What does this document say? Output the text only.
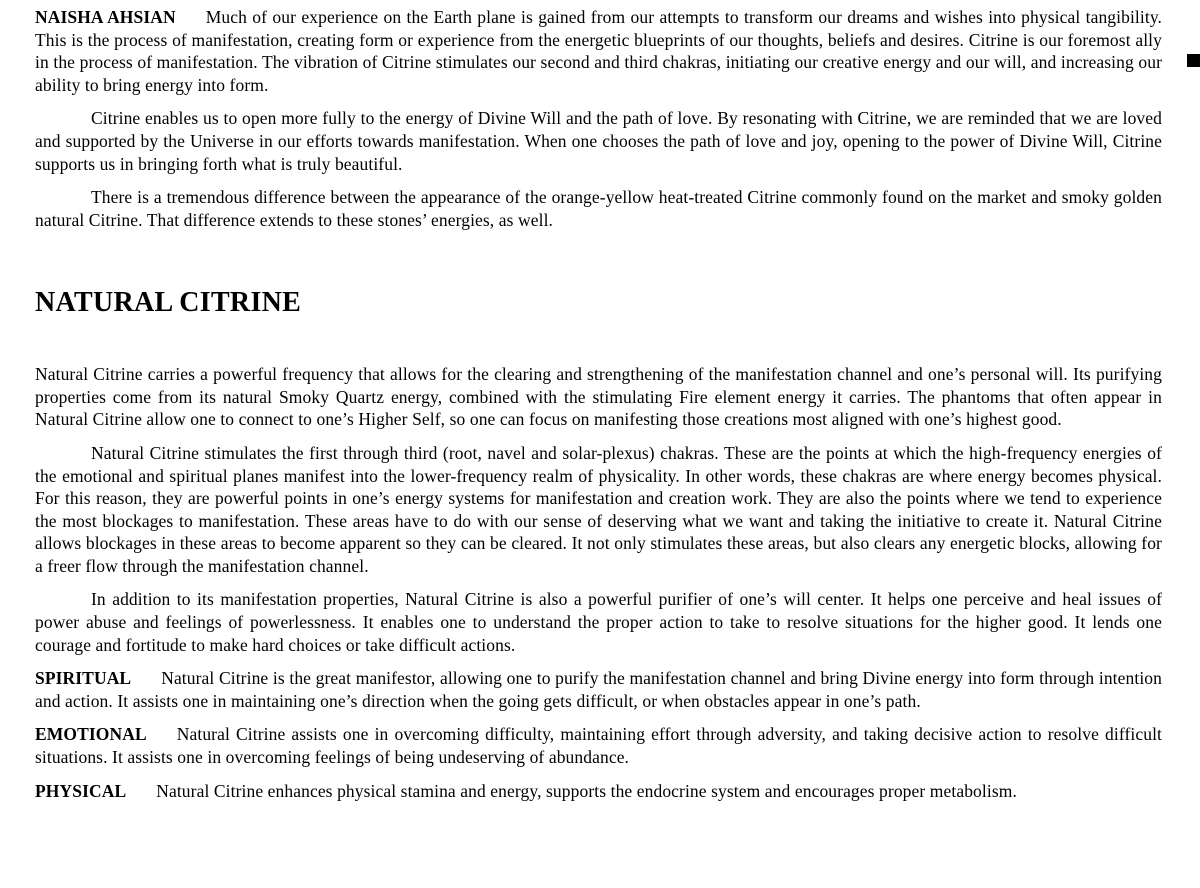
NAISHA AHSIAN Much of our experience on the Earth plane is gained from our attempts to transform our dreams and wishes into physical tangibility. This is the process of manifestation, creating form or experience from the energetic blueprints of our thoughts, beliefs and desires. Citrine is our foremost ally in the process of manifestation. The vibration of Citrine stimulates our second and third chakras, initiating our creative energy and our will, and increasing our ability to bring energy into form.

Citrine enables us to open more fully to the energy of Divine Will and the path of love. By resonating with Citrine, we are reminded that we are loved and supported by the Universe in our efforts towards manifestation. When one chooses the path of love and joy, opening to the power of Divine Will, Citrine supports us in bringing forth what is truly beautiful.

There is a tremendous difference between the appearance of the orange-yellow heat-treated Citrine commonly found on the market and smoky golden natural Citrine. That difference extends to these stones’ energies, as well.

NATURAL CITRINE

Natural Citrine carries a powerful frequency that allows for the clearing and strengthening of the manifestation channel and one’s personal will. Its purifying properties come from its natural Smoky Quartz energy, combined with the stimulating Fire element energy it carries. The phantoms that often appear in Natural Citrine allow one to connect to one’s Higher Self, so one can focus on manifesting those creations most aligned with one’s highest good.

Natural Citrine stimulates the first through third (root, navel and solar-plexus) chakras. These are the points at which the high-frequency energies of the emotional and spiritual planes manifest into the lower-frequency realm of physicality. In other words, these chakras are where energy becomes physical. For this reason, they are powerful points in one’s energy systems for manifestation and creation work. They are also the points where we tend to experience the most blockages to manifestation. These areas have to do with our sense of deserving what we want and taking the initiative to create it. Natural Citrine allows blockages in these areas to become apparent so they can be cleared. It not only stimulates these areas, but also clears any energetic blocks, allowing for a freer flow through the manifestation channel.

In addition to its manifestation properties, Natural Citrine is also a powerful purifier of one’s will center. It helps one perceive and heal issues of power abuse and feelings of powerlessness. It enables one to understand the proper action to take to resolve situations for the higher good. It lends one courage and fortitude to make hard choices or take difficult actions.

SPIRITUAL Natural Citrine is the great manifestor, allowing one to purify the manifestation channel and bring Divine energy into form through intention and action. It assists one in maintaining one’s direction when the going gets difficult, or when obstacles appear in one’s path.

EMOTIONAL Natural Citrine assists one in overcoming difficulty, maintaining effort through adversity, and taking decisive action to resolve difficult situations. It assists one in overcoming feelings of being undeserving of abundance.

PHYSICAL Natural Citrine enhances physical stamina and energy, supports the endocrine system and encourages proper metabolism.
